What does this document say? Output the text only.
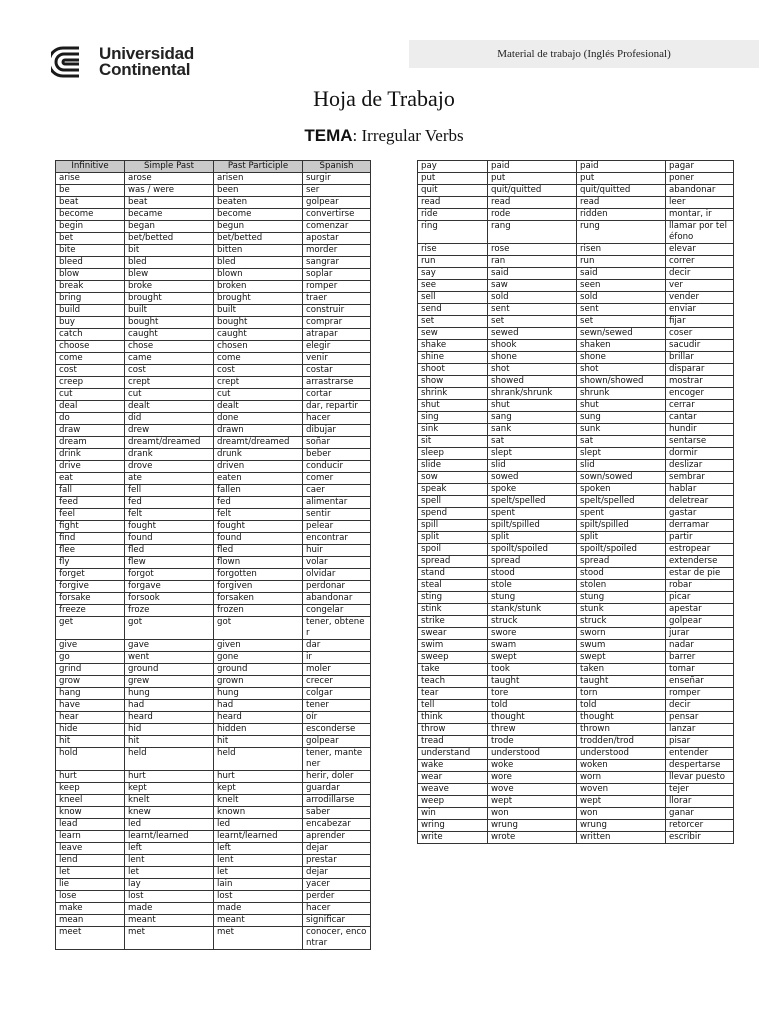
Universidad
Continental
Material de trabajo (Inglés Profesional)
Hoja de Trabajo
TEMA: Irregular Verbs
Infinitive	Simple Past	Past Participle	Spanish
arise	arose	arisen	surgir
be	was / were	been	ser
beat	beat	beaten	golpear
become	became	become	convertirse
begin	began	begun	comenzar
bet	bet/betted	bet/betted	apostar
bite	bit	bitten	morder
bleed	bled	bled	sangrar
blow	blew	blown	soplar
break	broke	broken	romper
bring	brought	brought	traer
build	built	built	construir
buy	bought	bought	comprar
catch	caught	caught	atrapar
choose	chose	chosen	elegir
come	came	come	venir
cost	cost	cost	costar
creep	crept	crept	arrastrarse
cut	cut	cut	cortar
deal	dealt	dealt	dar, repartir
do	did	done	hacer
draw	drew	drawn	dibujar
dream	dreamt/dreamed	dreamt/dreamed	soñar
drink	drank	drunk	beber
drive	drove	driven	conducir
eat	ate	eaten	comer
fall	fell	fallen	caer
feed	fed	fed	alimentar
feel	felt	felt	sentir
fight	fought	fought	pelear
find	found	found	encontrar
flee	fled	fled	huir
fly	flew	flown	volar
forget	forgot	forgotten	olvidar
forgive	forgave	forgiven	perdonar
forsake	forsook	forsaken	abandonar
freeze	froze	frozen	congelar
get	got	got	tener, obtener
give	gave	given	dar
go	went	gone	ir
grind	ground	ground	moler
grow	grew	grown	crecer
hang	hung	hung	colgar
have	had	had	tener
hear	heard	heard	oír
hide	hid	hidden	esconderse
hit	hit	hit	golpear
hold	held	held	tener, mantener
hurt	hurt	hurt	herir, doler
keep	kept	kept	guardar
kneel	knelt	knelt	arrodillarse
know	knew	known	saber
lead	led	led	encabezar
learn	learnt/learned	learnt/learned	aprender
leave	left	left	dejar
lend	lent	lent	prestar
let	let	let	dejar
lie	lay	lain	yacer
lose	lost	lost	perder
make	made	made	hacer
mean	meant	meant	significar
meet	met	met	conocer, encontrar
pay	paid	paid	pagar
put	put	put	poner
quit	quit/quitted	quit/quitted	abandonar
read	read	read	leer
ride	rode	ridden	montar, ir
ring	rang	rung	llamar por teléfono
rise	rose	risen	elevar
run	ran	run	correr
say	said	said	decir
see	saw	seen	ver
sell	sold	sold	vender
send	sent	sent	enviar
set	set	set	fijar
sew	sewed	sewn/sewed	coser
shake	shook	shaken	sacudir
shine	shone	shone	brillar
shoot	shot	shot	disparar
show	showed	shown/showed	mostrar
shrink	shrank/shrunk	shrunk	encoger
shut	shut	shut	cerrar
sing	sang	sung	cantar
sink	sank	sunk	hundir
sit	sat	sat	sentarse
sleep	slept	slept	dormir
slide	slid	slid	deslizar
sow	sowed	sown/sowed	sembrar
speak	spoke	spoken	hablar
spell	spelt/spelled	spelt/spelled	deletrear
spend	spent	spent	gastar
spill	spilt/spilled	spilt/spilled	derramar
split	split	split	partir
spoil	spoilt/spoiled	spoilt/spoiled	estropear
spread	spread	spread	extenderse
stand	stood	stood	estar de pie
steal	stole	stolen	robar
sting	stung	stung	picar
stink	stank/stunk	stunk	apestar
strike	struck	struck	golpear
swear	swore	sworn	jurar
swim	swam	swum	nadar
sweep	swept	swept	barrer
take	took	taken	tomar
teach	taught	taught	enseñar
tear	tore	torn	romper
tell	told	told	decir
think	thought	thought	pensar
throw	threw	thrown	lanzar
tread	trode	trodden/trod	pisar
understand	understood	understood	entender
wake	woke	woken	despertarse
wear	wore	worn	llevar puesto
weave	wove	woven	tejer
weep	wept	wept	llorar
win	won	won	ganar
wring	wrung	wrung	retorcer
write	wrote	written	escribir
